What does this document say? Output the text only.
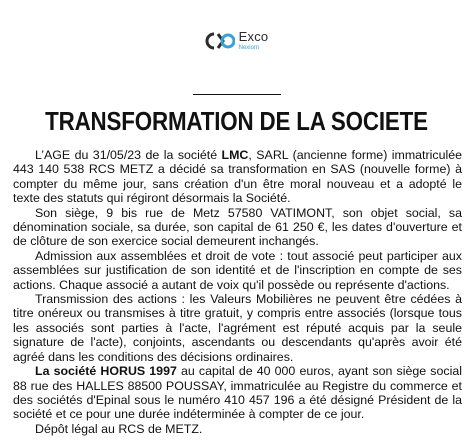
Exco
Nexiom
TRANSFORMATION DE LA SOCIETE

L’AGE du 31/05/23 de la société LMC, SARL (ancienne forme) immatriculée 443 140 538 RCS METZ a décidé sa transformation en SAS (nouvelle forme) à compter du même jour, sans création d'un être moral nouveau et a adopté le texte des statuts qui régiront désormais la Société.

Son siège, 9 bis rue de Metz 57580 VATIMONT, son objet social, sa dénomination sociale, sa durée, son capital de 61 250 €, les dates d'ouverture et de clôture de son exercice social demeurent inchangés.

Admission aux assemblées et droit de vote : tout associé peut participer aux assemblées sur justification de son identité et de l'inscription en compte de ses actions. Chaque associé a autant de voix qu'il possède ou représente d'actions.

Transmission des actions : les Valeurs Mobilières ne peuvent être cédées à titre onéreux ou transmises à titre gratuit, y compris entre associés (lorsque tous les associés sont parties à l'acte, l'agrément est réputé acquis par la seule signature de l'acte), conjoints, ascendants ou descendants qu'après avoir été agréé dans les conditions des décisions ordinaires.

La société HORUS 1997 au capital de 40 000 euros, ayant son siège social 88 rue des HALLES 88500 POUSSAY, immatriculée au Registre du commerce et des sociétés d'Epinal sous le numéro 410 457 196 a été désigné Président de la société et ce pour une durée indéterminée à compter de ce jour.

Dépôt légal au RCS de METZ.
